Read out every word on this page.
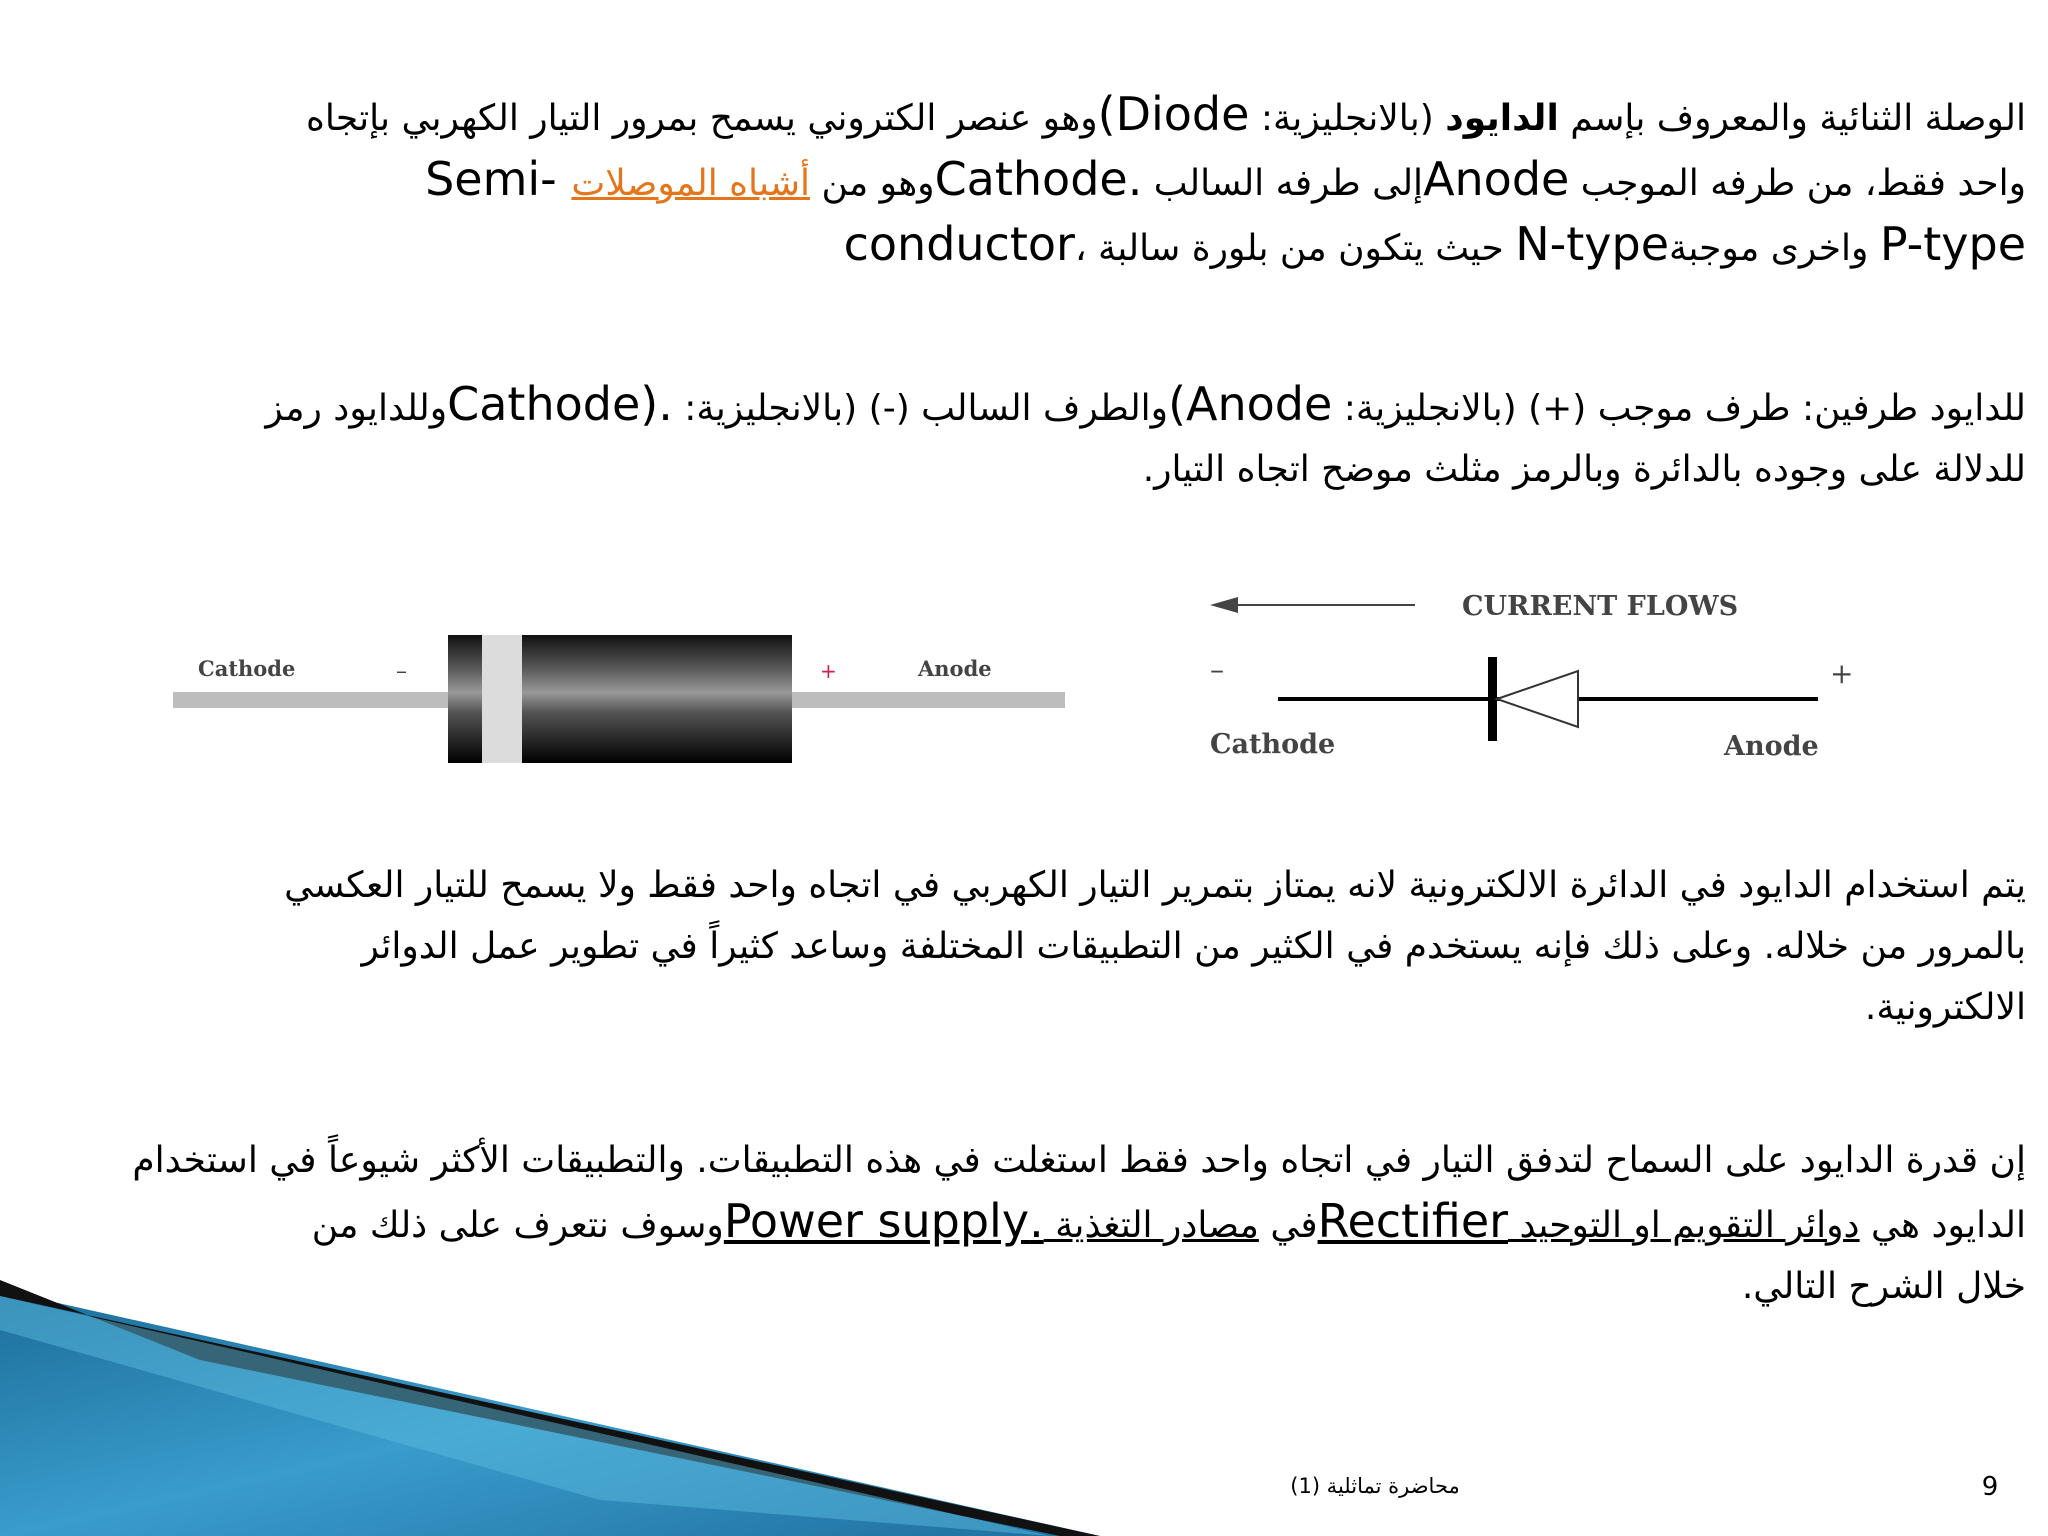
الوصلة الثنائية والمعروف بإسم الدايود (بالانجليزية: Diode)وهو عنصر الكتروني يسمح بمرور التيار الكهربي بإتجاه
واحد فقط، من طرفه الموجب Anodeإلى طرفه السالب .Cathodeوهو من أشباه الموصلات -Semi
conductor، حيث يتكون من بلورة سالبة N-typeواخرى موجبة P-type
للدايود طرفين: طرف موجب (+) (بالانجليزية: Anode)والطرف السالب (-) (بالانجليزية: .(Cathodeوللدايود رمز
للدلالة على وجوده بالدائرة وبالرمز مثلث موضح اتجاه التيار.
Cathode	–	+	Anode
CURRENT FLOWS
–	+
Cathode	Anode
يتم استخدام الدايود في الدائرة الالكترونية لانه يمتاز بتمرير التيار الكهربي في اتجاه واحد فقط ولا يسمح للتيار العكسي
بالمرور من خلاله. وعلى ذلك فإنه يستخدم في الكثير من التطبيقات المختلفة وساعد كثيراً في تطوير عمل الدوائر
الالكترونية.
إن قدرة الدايود على السماح لتدفق التيار في اتجاه واحد فقط استغلت في هذه التطبيقات. والتطبيقات الأكثر شيوعاً في استخدام
الدايود هي دوائر التقويم او التوحيد Rectifierفي مصادر التغذية .Power supplyوسوف نتعرف على ذلك من
خلال الشرح التالي.
محاضرة تماثلية (1)	9
